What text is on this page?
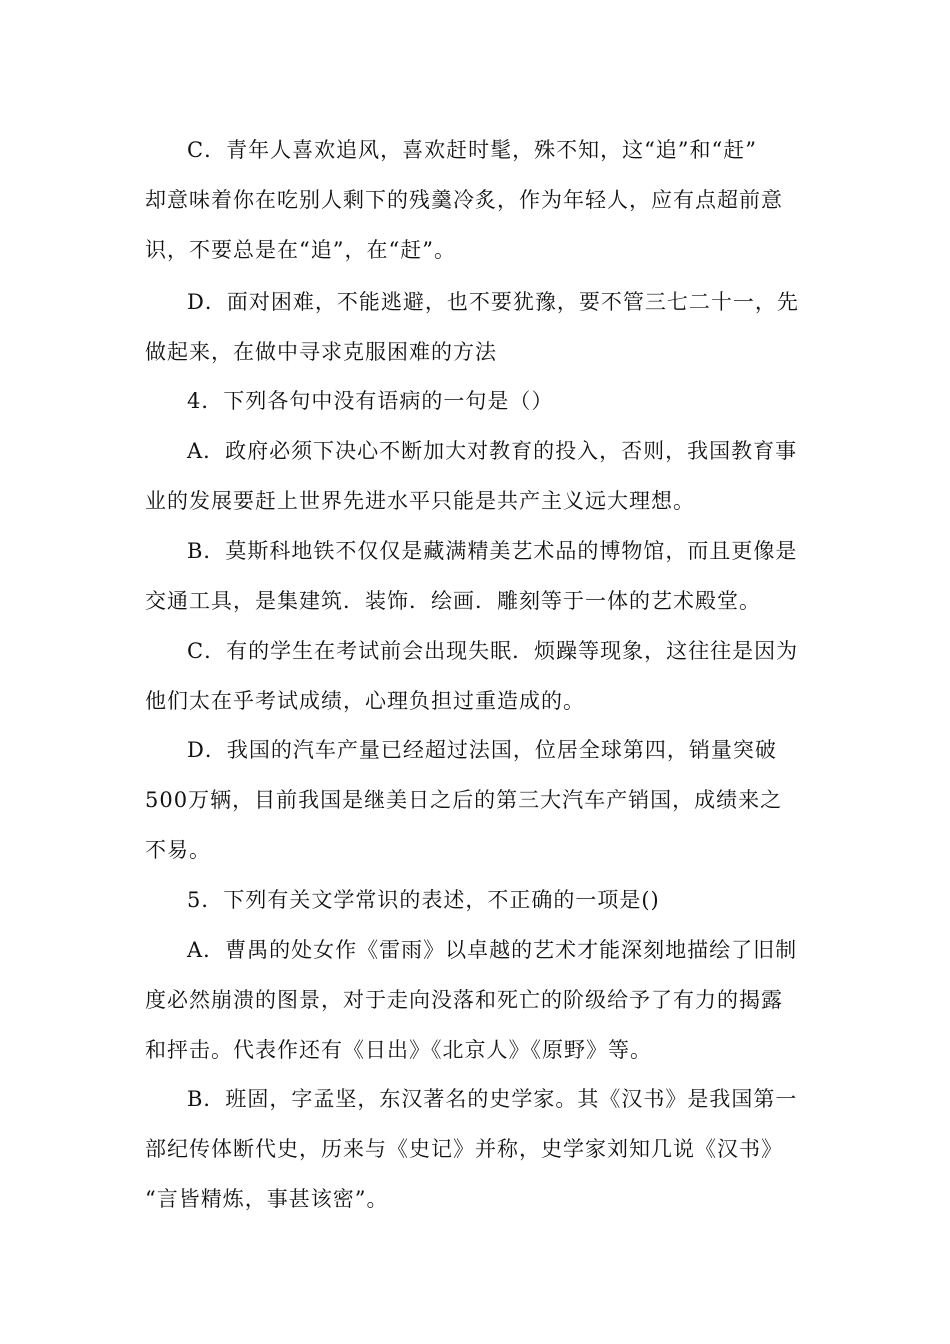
C．青年人喜欢追风，喜欢赶时髦，殊不知，这“追”和“赶”
却意味着你在吃别人剩下的残羹冷炙，作为年轻人，应有点超前意
识，不要总是在“追”，在“赶”。
D．面对困难，不能逃避，也不要犹豫，要不管三七二十一，先
做起来，在做中寻求克服困难的方法
4．下列各句中没有语病的一句是（）
A．政府必须下决心不断加大对教育的投入，否则，我国教育事
业的发展要赶上世界先进水平只能是共产主义远大理想。
B．莫斯科地铁不仅仅是藏满精美艺术品的博物馆，而且更像是
交通工具，是集建筑．装饰．绘画．雕刻等于一体的艺术殿堂。
C．有的学生在考试前会出现失眠．烦躁等现象，这往往是因为
他们太在乎考试成绩，心理负担过重造成的。
D．我国的汽车产量已经超过法国，位居全球第四，销量突破
500万辆，目前我国是继美日之后的第三大汽车产销国，成绩来之
不易。
5．下列有关文学常识的表述，不正确的一项是()
A．曹禺的处女作《雷雨》以卓越的艺术才能深刻地描绘了旧制
度必然崩溃的图景，对于走向没落和死亡的阶级给予了有力的揭露
和抨击。代表作还有《日出》《北京人》《原野》等。
B．班固，字孟坚，东汉著名的史学家。其《汉书》是我国第一
部纪传体断代史，历来与《史记》并称，史学家刘知几说《汉书》
“言皆精炼，事甚该密”。
